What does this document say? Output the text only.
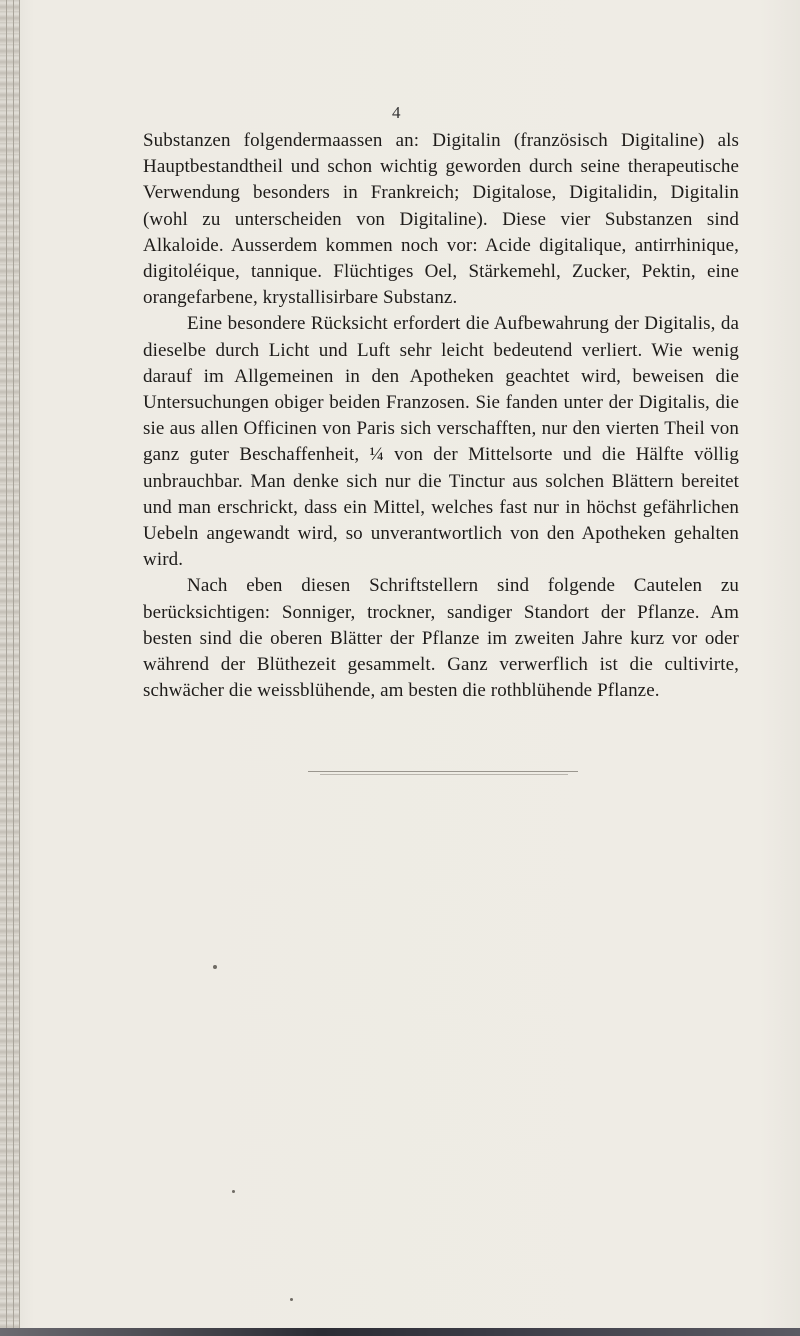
4

Substanzen folgendermaassen an: Digitalin (französisch Digitaline) als Hauptbestandtheil und schon wichtig geworden durch seine therapeutische Verwendung besonders in Frankreich; Digitalose, Digitalidin, Digitalin (wohl zu unterscheiden von Digitaline). Diese vier Substanzen sind Alkaloide. Ausserdem kommen noch vor: Acide digitalique, antirrhinique, digitoléique, tannique. Flüchtiges Oel, Stärkemehl, Zucker, Pektin, eine orangefarbene, krystallisirbare Substanz.

Eine besondere Rücksicht erfordert die Aufbewahrung der Digitalis, da dieselbe durch Licht und Luft sehr leicht bedeutend verliert. Wie wenig darauf im Allgemeinen in den Apotheken geachtet wird, beweisen die Untersuchungen obiger beiden Franzosen. Sie fanden unter der Digitalis, die sie aus allen Officinen von Paris sich verschafften, nur den vierten Theil von ganz guter Beschaffenheit, ¼ von der Mittelsorte und die Hälfte völlig unbrauchbar. Man denke sich nur die Tinctur aus solchen Blättern bereitet und man erschrickt, dass ein Mittel, welches fast nur in höchst gefährlichen Uebeln angewandt wird, so unverantwortlich von den Apotheken gehalten wird.

Nach eben diesen Schriftstellern sind folgende Cautelen zu berücksichtigen: Sonniger, trockner, sandiger Standort der Pflanze. Am besten sind die oberen Blätter der Pflanze im zweiten Jahre kurz vor oder während der Blüthezeit gesammelt. Ganz verwerflich ist die cultivirte, schwächer die weissblühende, am besten die rothblühende Pflanze.
